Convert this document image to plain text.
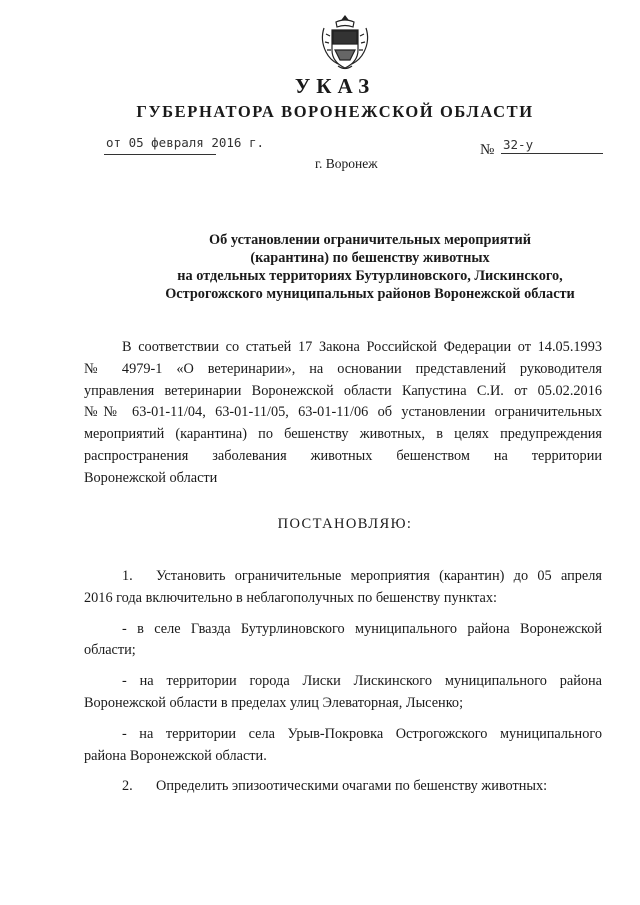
УКАЗ
ГУБЕРНАТОРА ВОРОНЕЖСКОЙ ОБЛАСТИ
от 05 февраля 2016 г.	№ 32-у
г. Воронеж
Об установлении ограничительных мероприятий
(карантина) по бешенству животных
на отдельных территориях Бутурлиновского, Лискинского,
Острогожского муниципальных районов Воронежской области
В соответствии со статьей 17 Закона Российской Федерации от 14.05.1993
№ 4979-1 «О ветеринарии», на основании представлений руководителя
управления ветеринарии Воронежской области Капустина С.И. от 05.02.2016
№№ 63-01-11/04, 63-01-11/05, 63-01-11/06 об установлении ограничительных
мероприятий (карантина) по бешенству животных, в целях предупреждения
распространения заболевания животных бешенством на территории
Воронежской области
ПОСТАНОВЛЯЮ:
1. Установить ограничительные мероприятия (карантин) до 05 апреля
2016 года включительно в неблагополучных по бешенству пунктах:
- в селе Гвазда Бутурлиновского муниципального района Воронежской
области;
- на территории города Лиски Лискинского муниципального района
Воронежской области в пределах улиц Элеваторная, Лысенко;
- на территории села Урыв-Покровка Острогожского муниципального
района Воронежской области.
2. Определить эпизоотическими очагами по бешенству животных:
